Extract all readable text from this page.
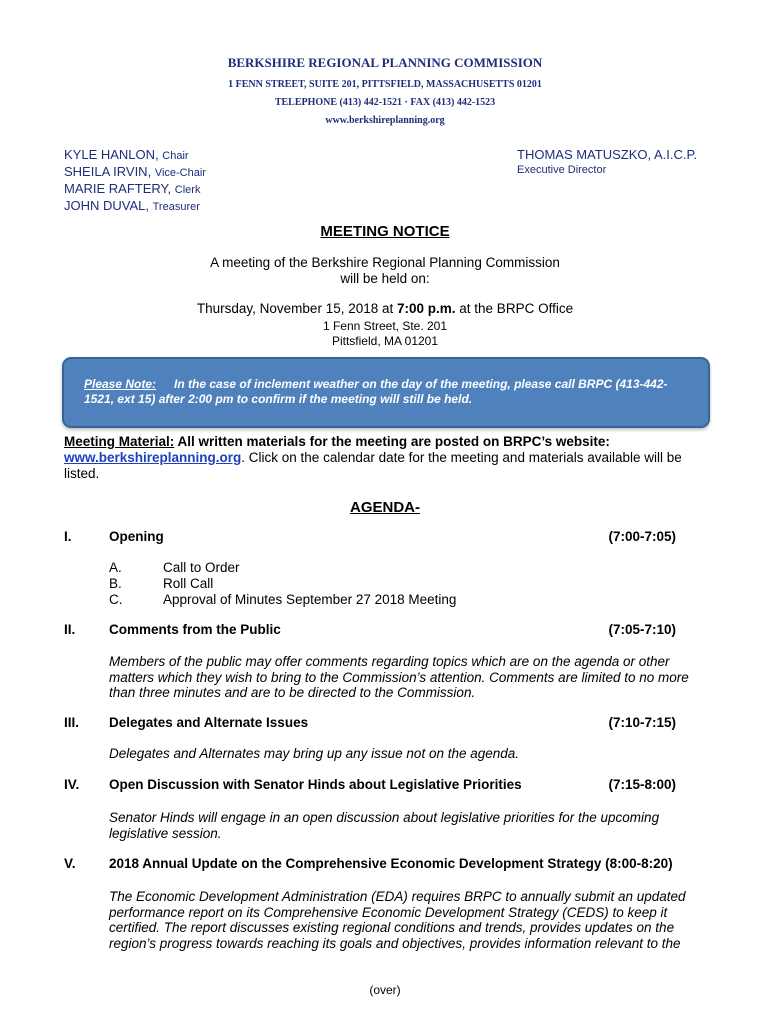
BERKSHIRE REGIONAL PLANNING COMMISSION
1 FENN STREET, SUITE 201, PITTSFIELD, MASSACHUSETTS 01201
TELEPHONE (413) 442-1521 · FAX (413) 442-1523
www.berkshireplanning.org
KYLE HANLON, Chair
SHEILA IRVIN, Vice-Chair
MARIE RAFTERY, Clerk
JOHN DUVAL, Treasurer
THOMAS MATUSZKO, A.I.C.P.
Executive Director
MEETING NOTICE
A meeting of the Berkshire Regional Planning Commission
will be held on:
Thursday, November 15, 2018 at 7:00 p.m. at the BRPC Office
1 Fenn Street, Ste. 201
Pittsfield, MA 01201
Please Note: In the case of inclement weather on the day of the meeting, please call BRPC (413-442-1521, ext 15) after 2:00 pm to confirm if the meeting will still be held.
Meeting Material: All written materials for the meeting are posted on BRPC’s website:
www.berkshireplanning.org. Click on the calendar date for the meeting and materials available will be listed.
AGENDA-
I.	Opening	(7:00-7:05)
A.	Call to Order
B.	Roll Call
C.	Approval of Minutes September 27 2018 Meeting
II. Comments from the Public	(7:05-7:10)
Members of the public may offer comments regarding topics which are on the agenda or other matters which they wish to bring to the Commission’s attention. Comments are limited to no more than three minutes and are to be directed to the Commission.
III. Delegates and Alternate Issues	(7:10-7:15)
Delegates and Alternates may bring up any issue not on the agenda.
IV. Open Discussion with Senator Hinds about Legislative Priorities	(7:15-8:00)
Senator Hinds will engage in an open discussion about legislative priorities for the upcoming legislative session.
V. 2018 Annual Update on the Comprehensive Economic Development Strategy (8:00-8:20)
The Economic Development Administration (EDA) requires BRPC to annually submit an updated performance report on its Comprehensive Economic Development Strategy (CEDS) to keep it certified. The report discusses existing regional conditions and trends, provides updates on the region’s progress towards reaching its goals and objectives, provides information relevant to the
(over)
